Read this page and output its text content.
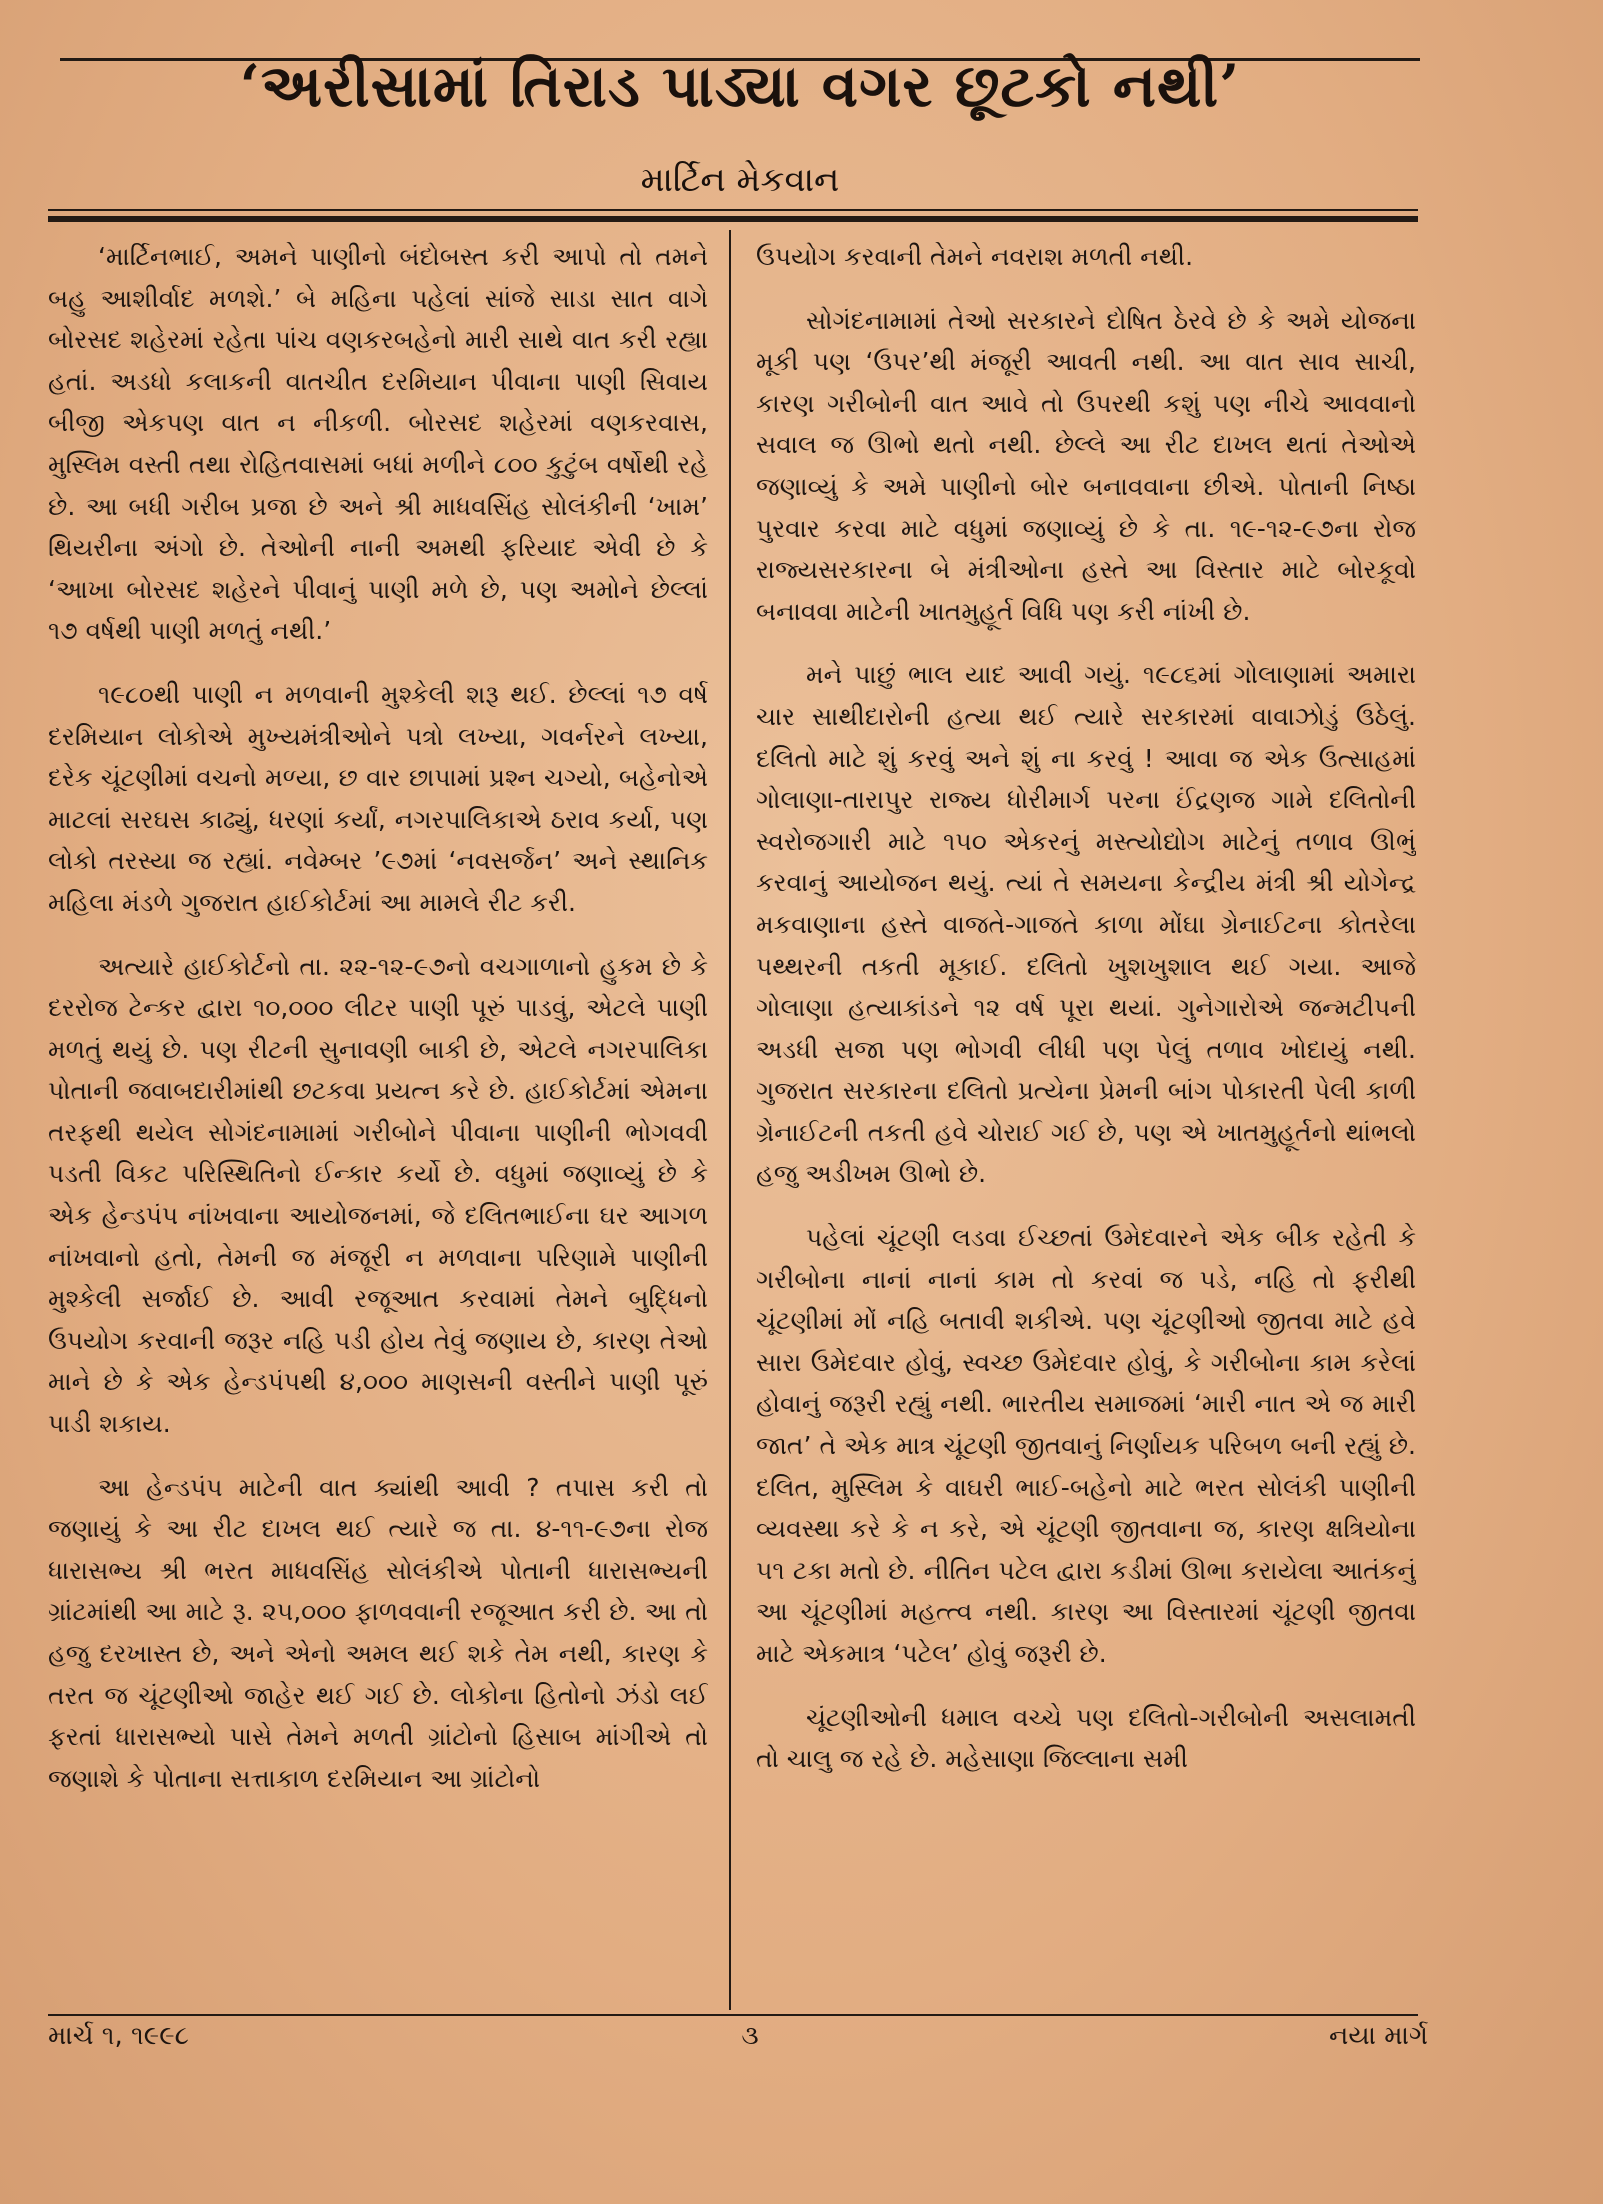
‘અરીસામાં તિરાડ પાડ્યા વગર છૂટકો નથી’
માર્ટિન મેકવાન

‘માર્ટિનભાઈ, અમને પાણીનો બંદોબસ્ત કરી આપો તો તમને બહુ આશીર્વાદ મળશે.’ બે મહિના પહેલાં સાંજે સાડા સાત વાગે બોરસદ શહેરમાં રહેતા પાંચ વણકરબહેનો મારી સાથે વાત કરી રહ્યા હતાં. અડધો કલાકની વાતચીત દરમિયાન પીવાના પાણી સિવાય બીજી એકપણ વાત ન નીકળી. બોરસદ શહેરમાં વણકરવાસ, મુસ્લિમ વસ્તી તથા રોહિતવાસમાં બધાં મળીને ૮૦૦ કુટુંબ વર્ષોથી રહે છે. આ બધી ગરીબ પ્રજા છે અને શ્રી માધવસિંહ સોલંકીની ‘ખામ’ થિયરીના અંગો છે. તેઓની નાની અમથી ફરિયાદ એવી છે કે ‘આખા બોરસદ શહેરને પીવાનું પાણી મળે છે, પણ અમોને છેલ્લાં ૧૭ વર્ષથી પાણી મળતું નથી.’

૧૯૮૦થી પાણી ન મળવાની મુશ્કેલી શરૂ થઈ. છેલ્લાં ૧૭ વર્ષ દરમિયાન લોકોએ મુખ્યમંત્રીઓને પત્રો લખ્યા, ગવર્નરને લખ્યા, દરેક ચૂંટણીમાં વચનો મળ્યા, છ વાર છાપામાં પ્રશ્ન ચગ્યો, બહેનોએ માટલાં સરઘસ કાઢ્યું, ધરણાં કર્યાં, નગરપાલિકાએ ઠરાવ કર્યા, પણ લોકો તરસ્યા જ રહ્યાં. નવેમ્બર ’૯૭માં ‘નવસર્જન’ અને સ્થાનિક મહિલા મંડળે ગુજરાત હાઈકોર્ટમાં આ મામલે રીટ કરી.

અત્યારે હાઈકોર્ટનો તા. ૨૨-૧૨-૯૭નો વચગાળાનો હુકમ છે કે દરરોજ ટેન્કર દ્વારા ૧૦,૦૦૦ લીટર પાણી પૂરું પાડવું, એટલે પાણી મળતું થયું છે. પણ રીટની સુનાવણી બાકી છે, એટલે નગરપાલિકા પોતાની જવાબદારીમાંથી છટકવા પ્રયત્ન કરે છે. હાઈકોર્ટમાં એમના તરફથી થયેલ સોગંદનામામાં ગરીબોને પીવાના પાણીની ભોગવવી પડતી વિકટ પરિસ્થિતિનો ઈન્કાર કર્યો છે. વધુમાં જણાવ્યું છે કે એક હેન્ડપંપ નાંખવાના આયોજનમાં, જે દલિતભાઈના ઘર આગળ નાંખવાનો હતો, તેમની જ મંજૂરી ન મળવાના પરિણામે પાણીની મુશ્કેલી સર્જાઈ છે. આવી રજૂઆત કરવામાં તેમને બુદ્ધિનો ઉપયોગ કરવાની જરૂર નહિ પડી હોય તેવું જણાય છે, કારણ તેઓ માને છે કે એક હેન્ડપંપથી ૪,૦૦૦ માણસની વસ્તીને પાણી પૂરું પાડી શકાય.

આ હેન્ડપંપ માટેની વાત ક્યાંથી આવી ? તપાસ કરી તો જણાયું કે આ રીટ દાખલ થઈ ત્યારે જ તા. ૪-૧૧-૯૭ના રોજ ધારાસભ્ય શ્રી ભરત માધવસિંહ સોલંકીએ પોતાની ધારાસભ્યની ગ્રાંટમાંથી આ માટે રૂ. ૨૫,૦૦૦ ફાળવવાની રજૂઆત કરી છે. આ તો હજુ દરખાસ્ત છે, અને એનો અમલ થઈ શકે તેમ નથી, કારણ કે તરત જ ચૂંટણીઓ જાહેર થઈ ગઈ છે. લોકોના હિતોનો ઝંડો લઈ ફરતાં ધારાસભ્યો પાસે તેમને મળતી ગ્રાંટોનો હિસાબ માંગીએ તો જણાશે કે પોતાના સત્તાકાળ દરમિયાન આ ગ્રાંટોનો

ઉપયોગ કરવાની તેમને નવરાશ મળતી નથી.

સોગંદનામામાં તેઓ સરકારને દોષિત ઠેરવે છે કે અમે યોજના મૂકી પણ ‘ઉપર’થી મંજૂરી આવતી નથી. આ વાત સાવ સાચી, કારણ ગરીબોની વાત આવે તો ઉપરથી કશું પણ નીચે આવવાનો સવાલ જ ઊભો થતો નથી. છેલ્લે આ રીટ દાખલ થતાં તેઓએ જણાવ્યું કે અમે પાણીનો બોર બનાવવાના છીએ. પોતાની નિષ્ઠા પુરવાર કરવા માટે વધુમાં જણાવ્યું છે કે તા. ૧૯-૧૨-૯૭ના રોજ રાજ્યસરકારના બે મંત્રીઓના હસ્તે આ વિસ્તાર માટે બોરકૂવો બનાવવા માટેની ખાતમુહૂર્ત વિધિ પણ કરી નાંખી છે.

મને પાછું ભાલ યાદ આવી ગયું. ૧૯૮૬માં ગોલાણામાં અમારા ચાર સાથીદારોની હત્યા થઈ ત્યારે સરકારમાં વાવાઝોડું ઉઠેલું. દલિતો માટે શું કરવું અને શું ના કરવું ! આવા જ એક ઉત્સાહમાં ગોલાણા-તારાપુર રાજ્ય ધોરીમાર્ગ પરના ઈંદ્રણજ ગામે દલિતોની સ્વરોજગારી માટે ૧૫૦ એકરનું મસ્ત્યોદ્યોગ માટેનું તળાવ ઊભું કરવાનું આયોજન થયું. ત્યાં તે સમયના કેન્દ્રીય મંત્રી શ્રી યોગેન્દ્ર મકવાણાના હસ્તે વાજતે-ગાજતે કાળા મોંઘા ગ્રેનાઈટના કોતરેલા પથ્થરની તકતી મૂકાઈ. દલિતો ખુશખુશાલ થઈ ગયા. આજે ગોલાણા હત્યાકાંડને ૧૨ વર્ષ પૂરા થયાં. ગુનેગારોએ જન્મટીપની અડધી સજા પણ ભોગવી લીધી પણ પેલું તળાવ ખોદાયું નથી. ગુજરાત સરકારના દલિતો પ્રત્યેના પ્રેમની બાંગ પોકારતી પેલી કાળી ગ્રેનાઈટની તકતી હવે ચોરાઈ ગઈ છે, પણ એ ખાતમુહૂર્તનો થાંભલો હજુ અડીખમ ઊભો છે.

પહેલાં ચૂંટણી લડવા ઈચ્છતાં ઉમેદવારને એક બીક રહેતી કે ગરીબોના નાનાં નાનાં કામ તો કરવાં જ પડે, નહિ તો ફરીથી ચૂંટણીમાં મોં નહિ બતાવી શકીએ. પણ ચૂંટણીઓ જીતવા માટે હવે સારા ઉમેદવાર હોવું, સ્વચ્છ ઉમેદવાર હોવું, કે ગરીબોના કામ કરેલાં હોવાનું જરૂરી રહ્યું નથી. ભારતીય સમાજમાં ‘મારી નાત એ જ મારી જાત’ તે એક માત્ર ચૂંટણી જીતવાનું નિર્ણાયક પરિબળ બની રહ્યું છે. દલિત, મુસ્લિમ કે વાઘરી ભાઈ-બહેનો માટે ભરત સોલંકી પાણીની વ્યવસ્થા કરે કે ન કરે, એ ચૂંટણી જીતવાના જ, કારણ ક્ષત્રિયોના ૫૧ ટકા મતો છે. નીતિન પટેલ દ્વારા કડીમાં ઊભા કરાયેલા આતંકનું આ ચૂંટણીમાં મહત્ત્વ નથી. કારણ આ વિસ્તારમાં ચૂંટણી જીતવા માટે એકમાત્ર ‘પટેલ’ હોવું જરૂરી છે.

ચૂંટણીઓની ધમાલ વચ્ચે પણ દલિતો-ગરીબોની અસલામતી તો ચાલુ જ રહે છે. મહેસાણા જિલ્લાના સમી

માર્ચ ૧, ૧૯૯૮	૩	નયા માર્ગ
